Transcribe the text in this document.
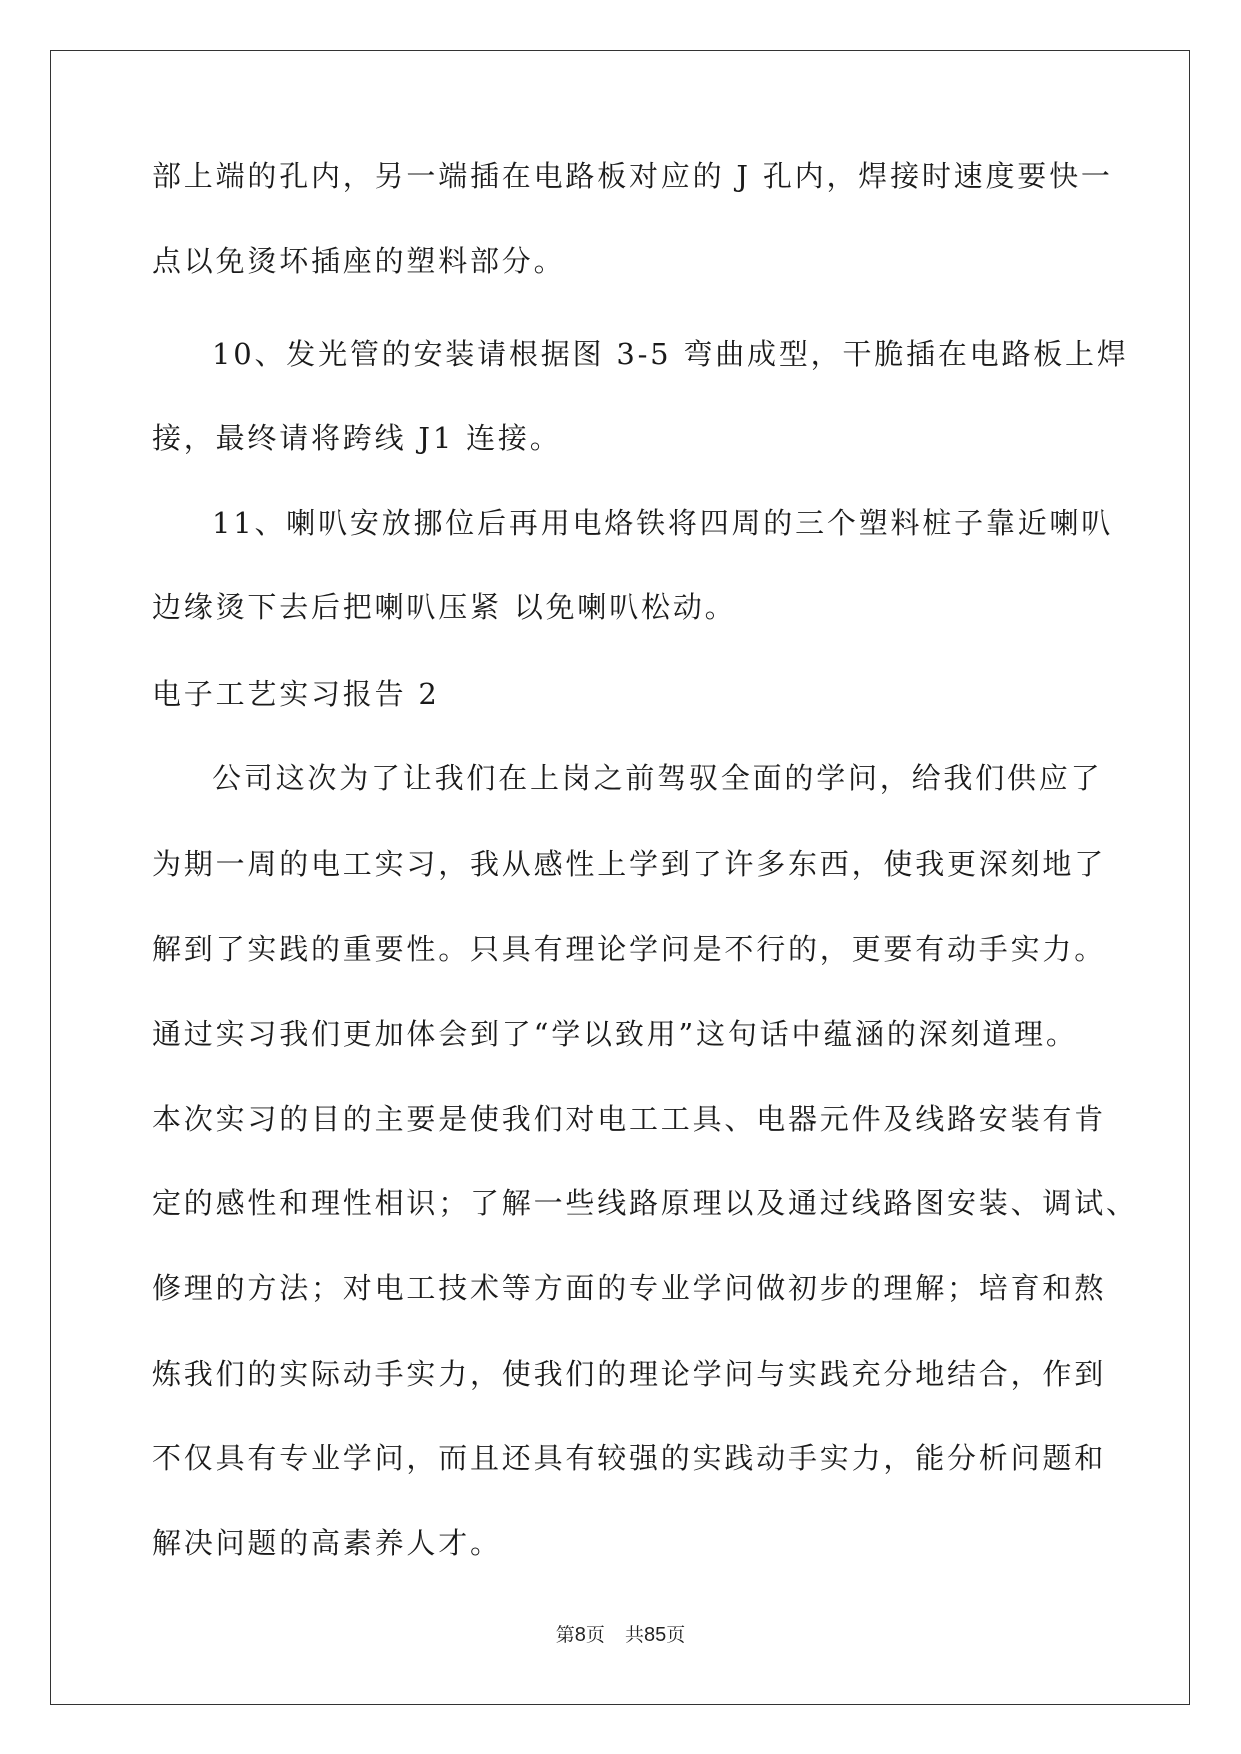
部上端的孔内，另一端插在电路板对应的 J 孔内，焊接时速度要快一
点以免烫坏插座的塑料部分。
10、发光管的安装请根据图 3-5 弯曲成型，干脆插在电路板上焊
接，最终请将跨线 J1 连接。
11、喇叭安放挪位后再用电烙铁将四周的三个塑料桩子靠近喇叭
边缘烫下去后把喇叭压紧 以免喇叭松动。
电子工艺实习报告 2
公司这次为了让我们在上岗之前驾驭全面的学问，给我们供应了
为期一周的电工实习，我从感性上学到了许多东西，使我更深刻地了
解到了实践的重要性。只具有理论学问是不行的，更要有动手实力。
通过实习我们更加体会到了“学以致用”这句话中蕴涵的深刻道理。
本次实习的目的主要是使我们对电工工具、电器元件及线路安装有肯
定的感性和理性相识；了解一些线路原理以及通过线路图安装、调试、
修理的方法；对电工技术等方面的专业学问做初步的理解；培育和熬
炼我们的实际动手实力，使我们的理论学问与实践充分地结合，作到
不仅具有专业学问，而且还具有较强的实践动手实力，能分析问题和
解决问题的高素养人才。
第8页 共85页
